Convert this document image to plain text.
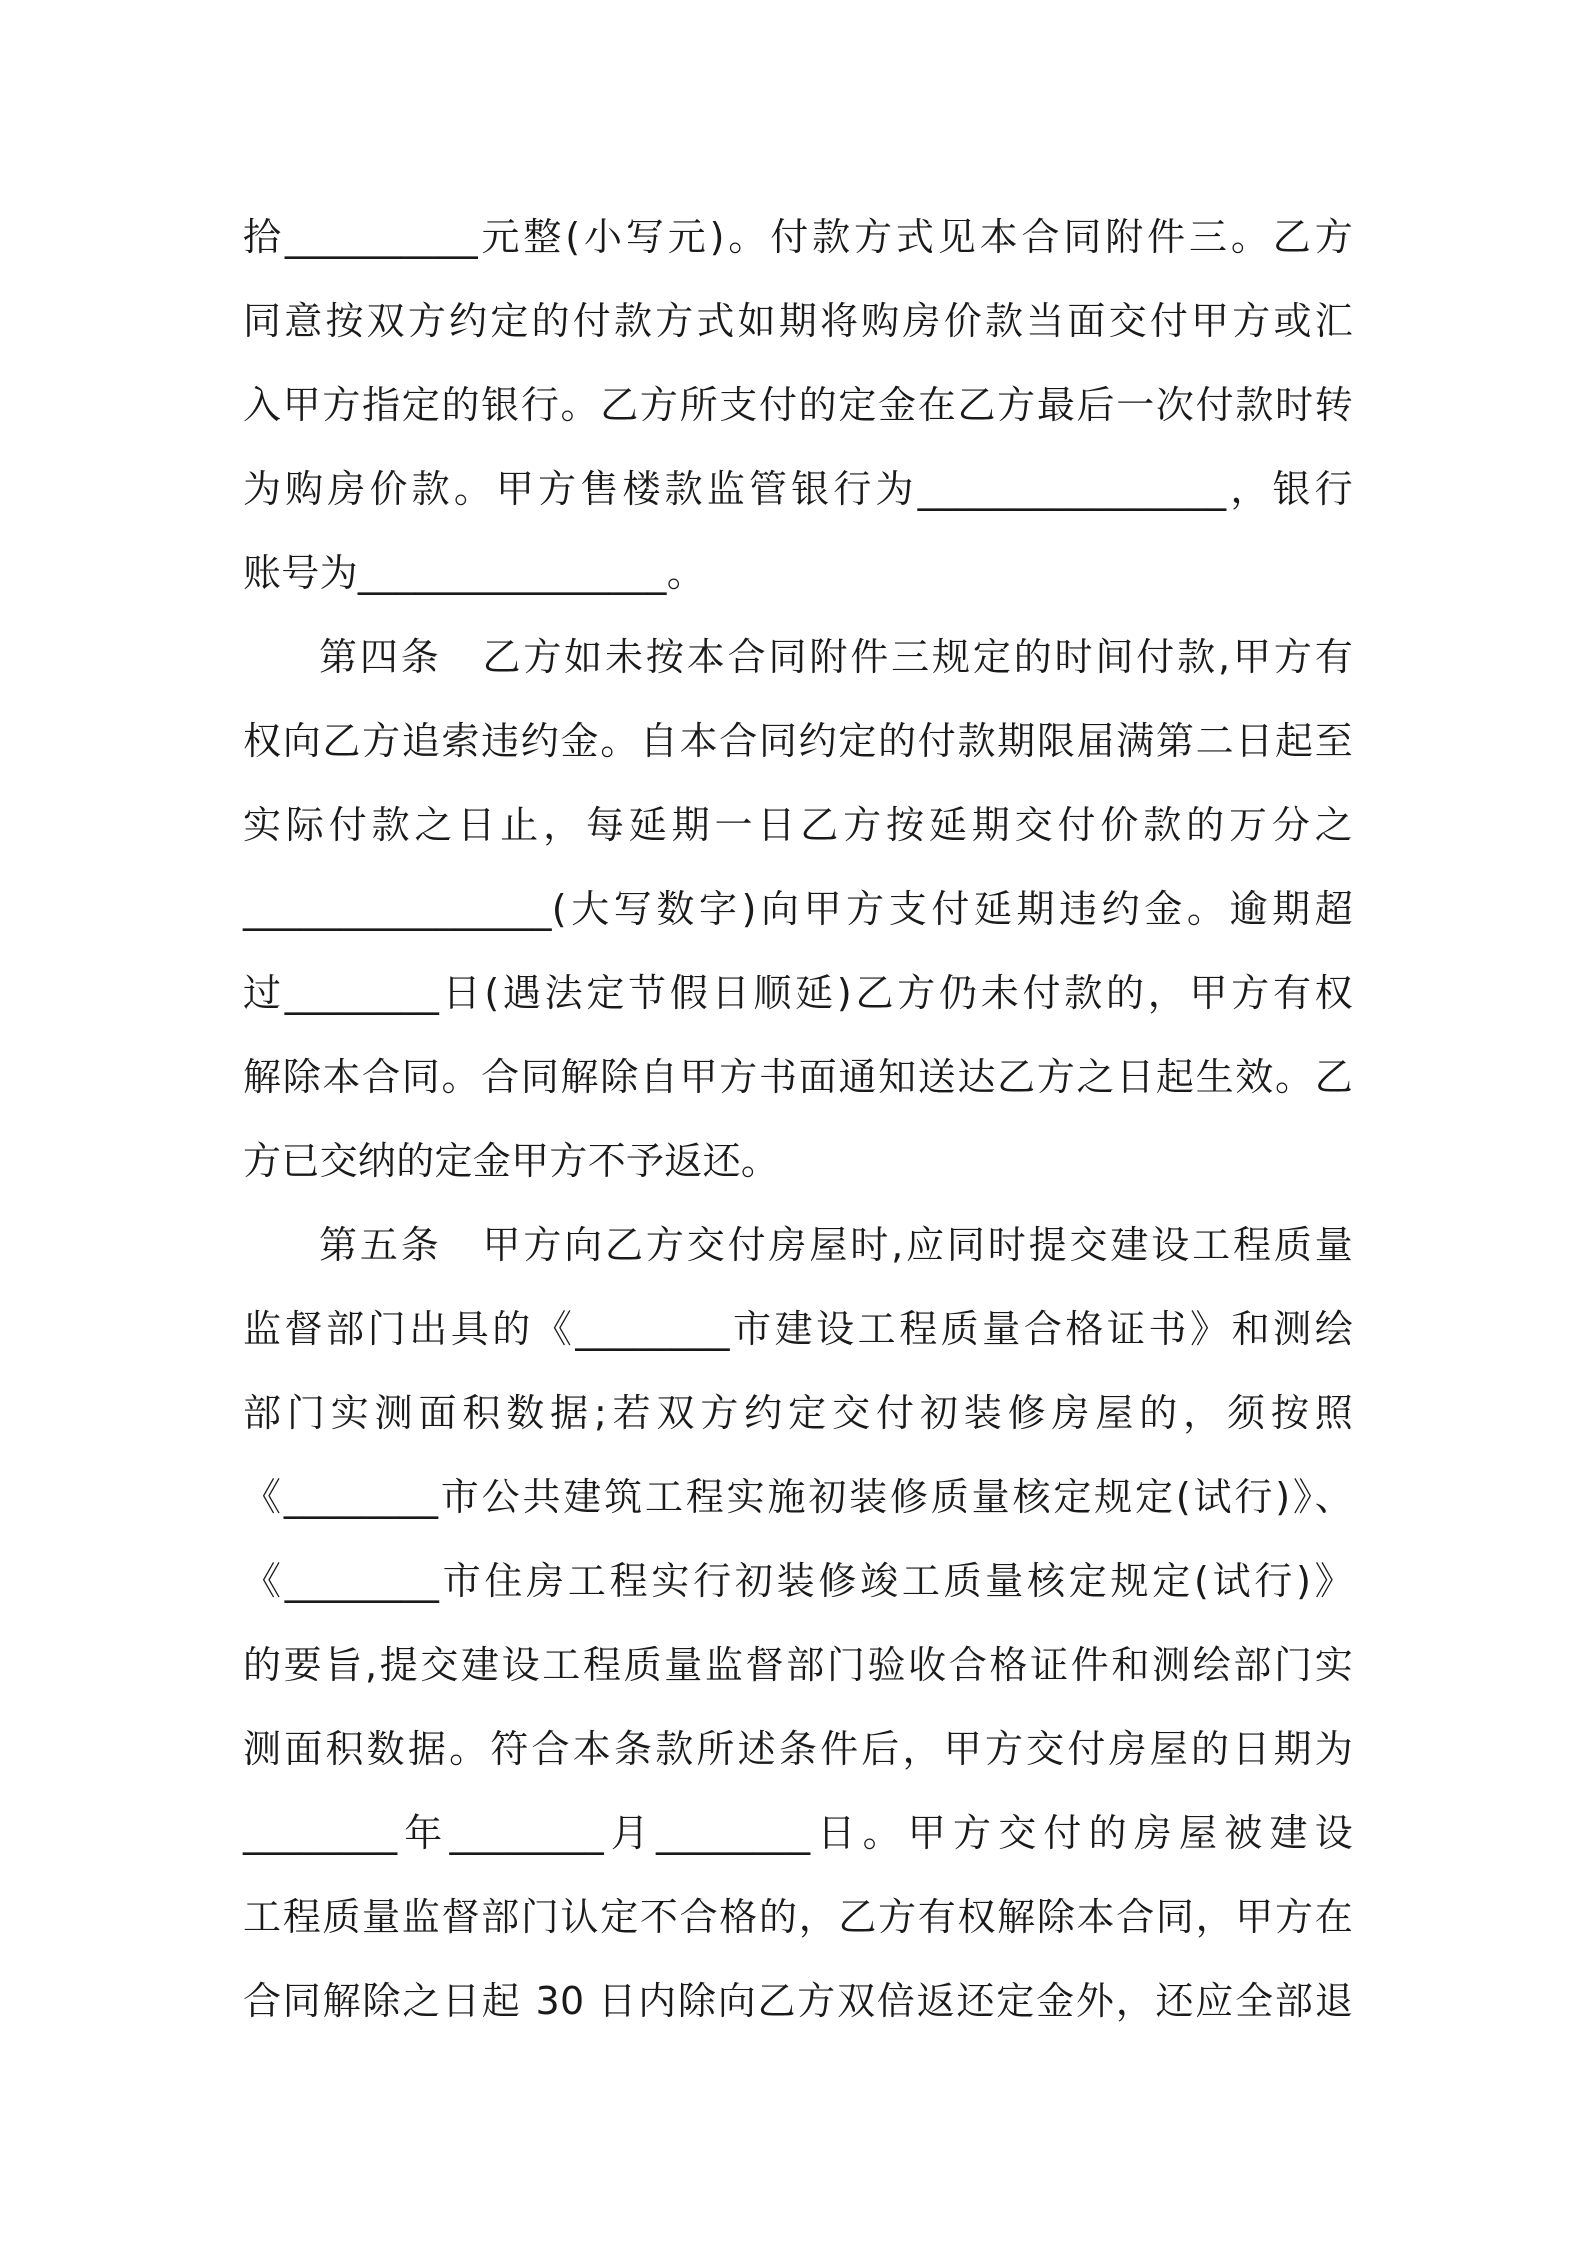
拾__________元整(小写元)。付款方式见本合同附件三。乙方
同意按双方约定的付款方式如期将购房价款当面交付甲方或汇
入甲方指定的银行。乙方所支付的定金在乙方最后一次付款时转
为购房价款。甲方售楼款监管银行为________________，银行
账号为________________。
第四条　乙方如未按本合同附件三规定的时间付款,甲方有
权向乙方追索违约金。自本合同约定的付款期限届满第二日起至
实际付款之日止，每延期一日乙方按延期交付价款的万分之
________________(大写数字)向甲方支付延期违约金。逾期超
过________日(遇法定节假日顺延)乙方仍未付款的，甲方有权
解除本合同。合同解除自甲方书面通知送达乙方之日起生效。乙
方已交纳的定金甲方不予返还。
第五条　甲方向乙方交付房屋时,应同时提交建设工程质量
监督部门出具的《________市建设工程质量合格证书》和测绘
部门实测面积数据;若双方约定交付初装修房屋的，须按照
《________市公共建筑工程实施初装修质量核定规定(试行)》、
《________市住房工程实行初装修竣工质量核定规定(试行)》
的要旨,提交建设工程质量监督部门验收合格证件和测绘部门实
测面积数据。符合本条款所述条件后，甲方交付房屋的日期为
________年________月________日。甲方交付的房屋被建设
工程质量监督部门认定不合格的，乙方有权解除本合同，甲方在
合同解除之日起 30 日内除向乙方双倍返还定金外，还应全部退
